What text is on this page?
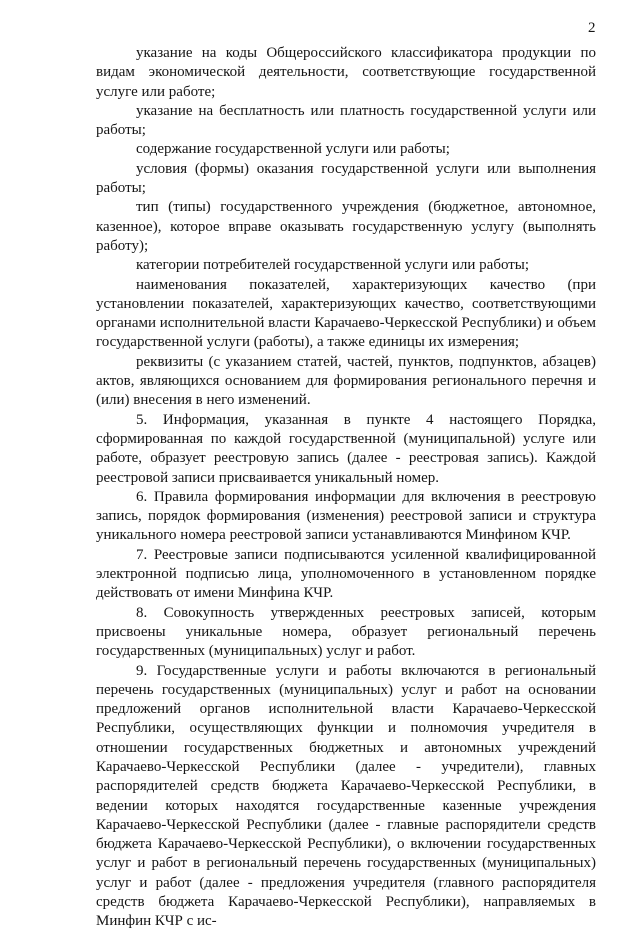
2

указание на коды Общероссийского классификатора продукции по видам экономической деятельности, соответствующие государственной услуге или работе;

указание на бесплатность или платность государственной услуги или работы;

содержание государственной услуги или работы;

условия (формы) оказания государственной услуги или выполнения работы;

тип (типы) государственного учреждения (бюджетное, автономное, казенное), которое вправе оказывать государственную услугу (выполнять работу);

категории потребителей государственной услуги или работы;

наименования показателей, характеризующих качество (при установлении показателей, характеризующих качество, соответствующими органами исполнительной власти Карачаево-Черкесской Республики) и объем государственной услуги (работы), а также единицы их измерения;

реквизиты (с указанием статей, частей, пунктов, подпунктов, абзацев) актов, являющихся основанием для формирования регионального перечня и (или) внесения в него изменений.

5. Информация, указанная в пункте 4 настоящего Порядка, сформированная по каждой государственной (муниципальной) услуге или работе, образует реестровую запись (далее - реестровая запись). Каждой реестровой записи присваивается уникальный номер.

6. Правила формирования информации для включения в реестровую запись, порядок формирования (изменения) реестровой записи и структура уникального номера реестровой записи устанавливаются Минфином КЧР.

7. Реестровые записи подписываются усиленной квалифицированной электронной подписью лица, уполномоченного в установленном порядке действовать от имени Минфина КЧР.

8. Совокупность утвержденных реестровых записей, которым присвоены уникальные номера, образует региональный перечень государственных (муниципальных) услуг и работ.

9. Государственные услуги и работы включаются в региональный перечень государственных (муниципальных) услуг и работ на основании предложений органов исполнительной власти Карачаево-Черкесской Республики, осуществляющих функции и полномочия учредителя в отношении государственных бюджетных и автономных учреждений Карачаево-Черкесской Республики (далее - учредители), главных распорядителей средств бюджета Карачаево-Черкесской Республики, в ведении которых находятся государственные казенные учреждения Карачаево-Черкесской Республики (далее - главные распорядители средств бюджета Карачаево-Черкесской Республики), о включении государственных услуг и работ в региональный перечень государственных (муниципальных) услуг и работ (далее - предложения учредителя (главного распорядителя средств бюджета Карачаево-Черкесской Республики), направляемых в Минфин КЧР с ис-
